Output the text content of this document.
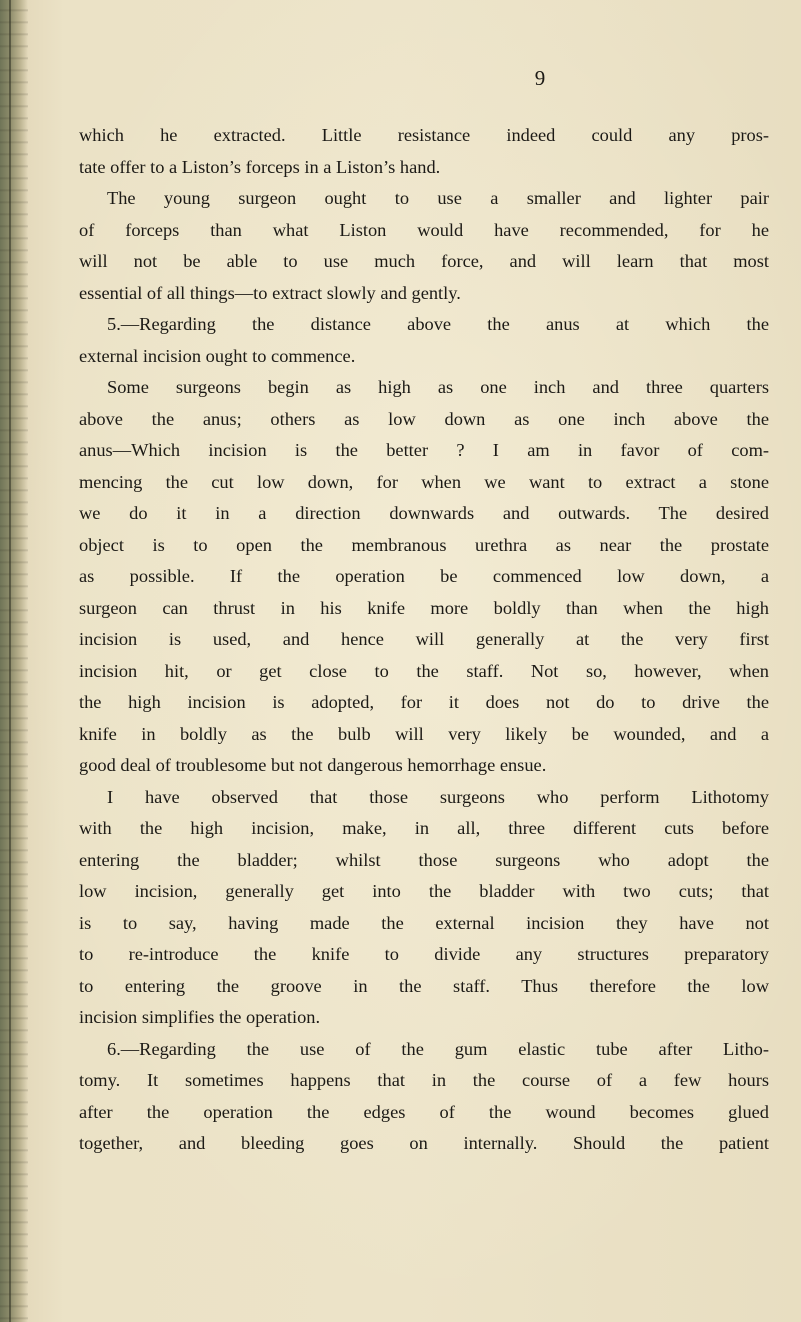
9
which he extracted. Little resistance indeed could any pros-
tate offer to a Liston’s forceps in a Liston’s hand.
The young surgeon ought to use a smaller and lighter pair
of forceps than what Liston would have recommended, for he
will not be able to use much force, and will learn that most
essential of all things—to extract slowly and gently.
5.—Regarding the distance above the anus at which the
external incision ought to commence.
Some surgeons begin as high as one inch and three quarters
above the anus; others as low down as one inch above the
anus—Which incision is the better ? I am in favor of com-
mencing the cut low down, for when we want to extract a stone
we do it in a direction downwards and outwards. The desired
object is to open the membranous urethra as near the prostate
as possible. If the operation be commenced low down, a
surgeon can thrust in his knife more boldly than when the high
incision is used, and hence will generally at the very first
incision hit, or get close to the staff. Not so, however, when
the high incision is adopted, for it does not do to drive the
knife in boldly as the bulb will very likely be wounded, and a
good deal of troublesome but not dangerous hemorrhage ensue.
I have observed that those surgeons who perform Lithotomy
with the high incision, make, in all, three different cuts before
entering the bladder; whilst those surgeons who adopt the
low incision, generally get into the bladder with two cuts; that
is to say, having made the external incision they have not
to re-introduce the knife to divide any structures preparatory
to entering the groove in the staff. Thus therefore the low
incision simplifies the operation.
6.—Regarding the use of the gum elastic tube after Litho-
tomy. It sometimes happens that in the course of a few hours
after the operation the edges of the wound becomes glued
together, and bleeding goes on internally. Should the patient
